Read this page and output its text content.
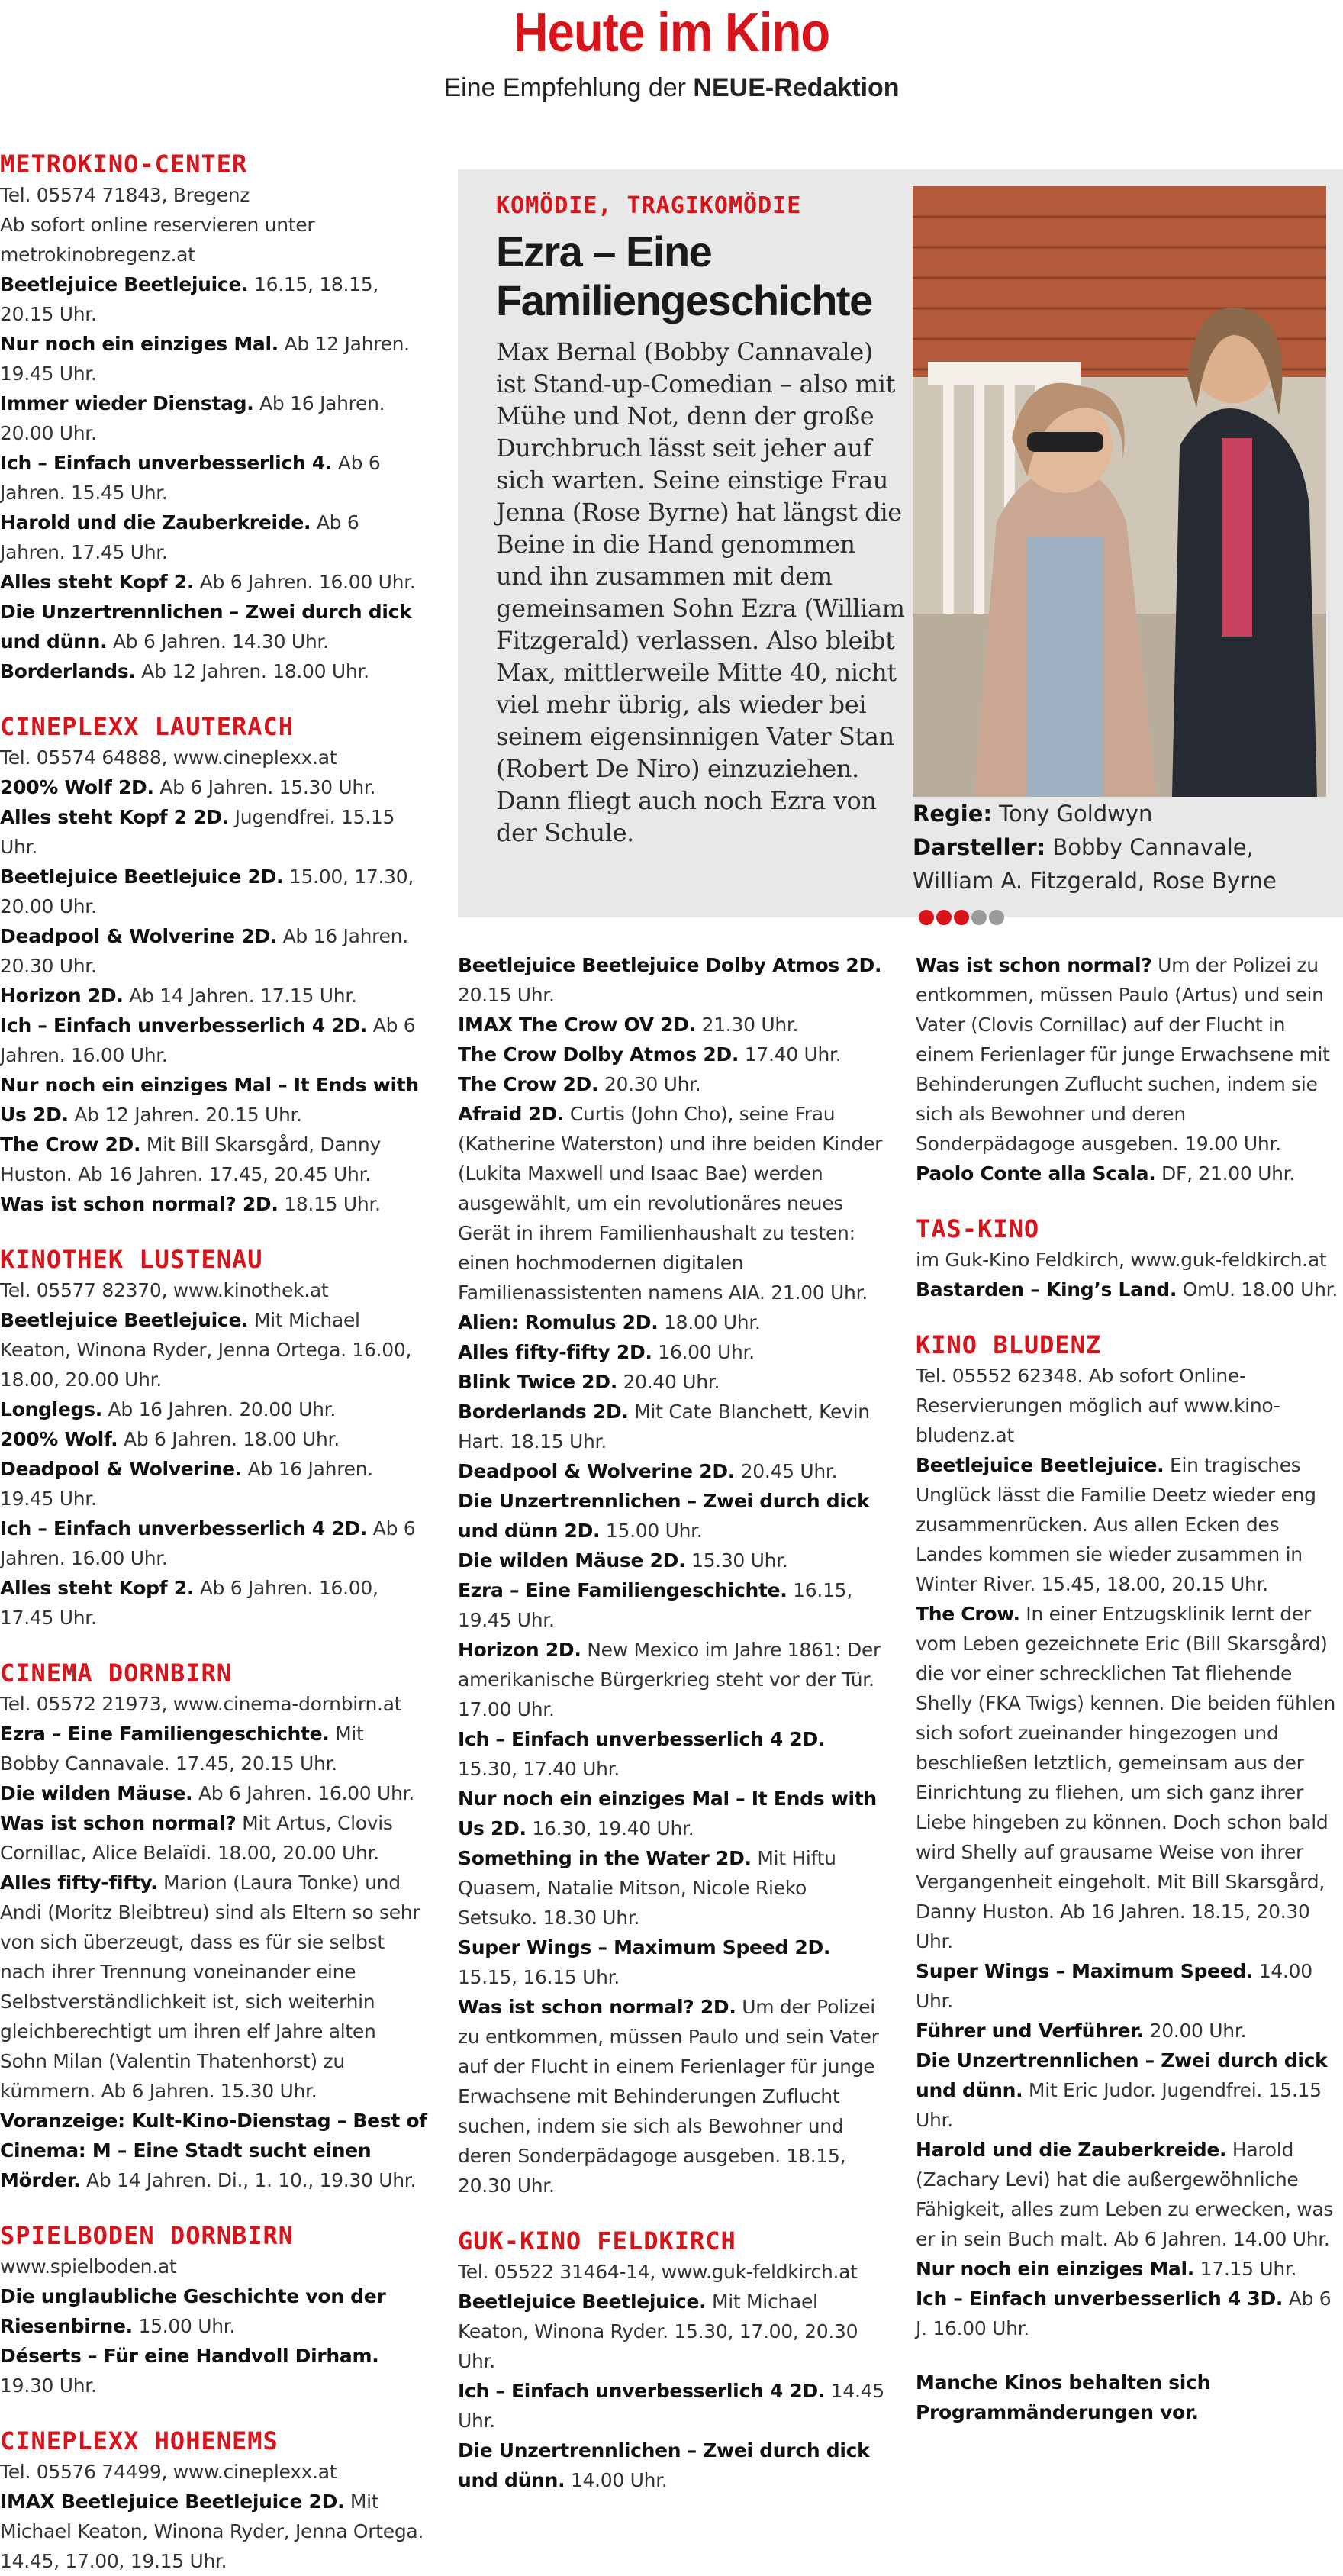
Heute im Kino
Eine Empfehlung der NEUE-Redaktion
METROKINO-CENTER

Tel. 05574 71843, Bregenz

Ab sofort online reservieren unter metrokinobregenz.at

Beetlejuice Beetlejuice. 16.15, 18.15, 20.15 Uhr.

Nur noch ein einziges Mal. Ab 12 Jahren. 19.45 Uhr.

Immer wieder Dienstag. Ab 16 Jahren. 20.00 Uhr.

Ich – Einfach unverbesserlich 4. Ab 6 Jahren. 15.45 Uhr.

Harold und die Zauberkreide. Ab 6 Jahren. 17.45 Uhr.

Alles steht Kopf 2. Ab 6 Jahren. 16.00 Uhr.

Die Unzertrennlichen – Zwei durch dick und dünn. Ab 6 Jahren. 14.30 Uhr.

Borderlands. Ab 12 Jahren. 18.00 Uhr.

CINEPLEXX LAUTERACH

Tel. 05574 64888, www.cineplexx.at

200% Wolf 2D. Ab 6 Jahren. 15.30 Uhr.

Alles steht Kopf 2 2D. Jugendfrei. 15.15 Uhr.

Beetlejuice Beetlejuice 2D. 15.00, 17.30, 20.00 Uhr.

Deadpool & Wolverine 2D. Ab 16 Jahren. 20.30 Uhr.

Horizon 2D. Ab 14 Jahren. 17.15 Uhr.

Ich – Einfach unverbesserlich 4 2D. Ab 6 Jahren. 16.00 Uhr.

Nur noch ein einziges Mal – It Ends with Us 2D. Ab 12 Jahren. 20.15 Uhr.

The Crow 2D. Mit Bill Skarsgård, Danny Huston. Ab 16 Jahren. 17.45, 20.45 Uhr.

Was ist schon normal? 2D. 18.15 Uhr.

KINOTHEK LUSTENAU

Tel. 05577 82370, www.kinothek.at

Beetlejuice Beetlejuice. Mit Michael Keaton, Winona Ryder, Jenna Ortega. 16.00, 18.00, 20.00 Uhr.

Longlegs. Ab 16 Jahren. 20.00 Uhr.

200% Wolf. Ab 6 Jahren. 18.00 Uhr.

Deadpool & Wolverine. Ab 16 Jahren. 19.45 Uhr.

Ich – Einfach unverbesserlich 4 2D. Ab 6 Jahren. 16.00 Uhr.

Alles steht Kopf 2. Ab 6 Jahren. 16.00, 17.45 Uhr.

CINEMA DORNBIRN

Tel. 05572 21973, www.cinema-dornbirn.at

Ezra – Eine Familiengeschichte. Mit Bobby Cannavale. 17.45, 20.15 Uhr.

Die wilden Mäuse. Ab 6 Jahren. 16.00 Uhr.

Was ist schon normal? Mit Artus, Clovis Cornillac, Alice Belaïdi. 18.00, 20.00 Uhr.

Alles fifty-fifty. Marion (Laura Tonke) und Andi (Moritz Bleibtreu) sind als Eltern so sehr von sich überzeugt, dass es für sie selbst nach ihrer Trennung voneinander eine Selbstverständlichkeit ist, sich weiterhin gleichberechtigt um ihren elf Jahre alten Sohn Milan (Valentin Thatenhorst) zu kümmern. Ab 6 Jahren. 15.30 Uhr.

Voranzeige: Kult-Kino-Dienstag – Best of Cinema: M – Eine Stadt sucht einen Mörder. Ab 14 Jahren. Di., 1. 10., 19.30 Uhr.

SPIELBODEN DORNBIRN

www.spielboden.at

Die unglaubliche Geschichte von der Riesenbirne. 15.00 Uhr.

Déserts – Für eine Handvoll Dirham. 19.30 Uhr.

CINEPLEXX HOHENEMS

Tel. 05576 74499, www.cineplexx.at

IMAX Beetlejuice Beetlejuice 2D. Mit Michael Keaton, Winona Ryder, Jenna Ortega. 14.45, 17.00, 19.15 Uhr.

KOMÖDIE, TRAGIKOMÖDIE
Ezra – Eine Familiengeschichte
Max Bernal (Bobby Cannavale) ist Stand-up-Comedian – also mit Mühe und Not, denn der große Durchbruch lässt seit jeher auf sich warten. Seine einstige Frau Jenna (Rose Byrne) hat längst die Beine in die Hand genommen und ihn zusammen mit dem gemeinsamen Sohn Ezra (William Fitzgerald) verlassen. Also bleibt Max, mittlerweile Mitte 40, nicht viel mehr übrig, als wieder bei seinem eigensinnigen Vater Stan (Robert De Niro) einzuziehen. Dann fliegt auch noch Ezra von der Schule.
Regie: Tony Goldwyn
Darsteller: Bobby Cannavale, William A. Fitzgerald, Rose Byrne

Beetlejuice Beetlejuice Dolby Atmos 2D. 20.15 Uhr.

IMAX The Crow OV 2D. 21.30 Uhr.

The Crow Dolby Atmos 2D. 17.40 Uhr.

The Crow 2D. 20.30 Uhr.

Afraid 2D. Curtis (John Cho), seine Frau (Katherine Waterston) und ihre beiden Kinder (Lukita Maxwell und Isaac Bae) werden ausgewählt, um ein revolutionäres neues Gerät in ihrem Familienhaushalt zu testen: einen hochmodernen digitalen Familienassistenten namens AIA. 21.00 Uhr.

Alien: Romulus 2D. 18.00 Uhr.

Alles fifty-fifty 2D. 16.00 Uhr.

Blink Twice 2D. 20.40 Uhr.

Borderlands 2D. Mit Cate Blanchett, Kevin Hart. 18.15 Uhr.

Deadpool & Wolverine 2D. 20.45 Uhr.

Die Unzertrennlichen – Zwei durch dick und dünn 2D. 15.00 Uhr.

Die wilden Mäuse 2D. 15.30 Uhr.

Ezra – Eine Familiengeschichte. 16.15, 19.45 Uhr.

Horizon 2D. New Mexico im Jahre 1861: Der amerikanische Bürgerkrieg steht vor der Tür. 17.00 Uhr.

Ich – Einfach unverbesserlich 4 2D. 15.30, 17.40 Uhr.

Nur noch ein einziges Mal – It Ends with Us 2D. 16.30, 19.40 Uhr.

Something in the Water 2D. Mit Hiftu Quasem, Natalie Mitson, Nicole Rieko Setsuko. 18.30 Uhr.

Super Wings – Maximum Speed 2D. 15.15, 16.15 Uhr.

Was ist schon normal? 2D. Um der Polizei zu entkommen, müssen Paulo und sein Vater auf der Flucht in einem Ferienlager für junge Erwachsene mit Behinderungen Zuflucht suchen, indem sie sich als Bewohner und deren Sonderpädagoge ausgeben. 18.15, 20.30 Uhr.

GUK-KINO FELDKIRCH

Tel. 05522 31464-14, www.guk-feldkirch.at

Beetlejuice Beetlejuice. Mit Michael Keaton, Winona Ryder. 15.30, 17.00, 20.30 Uhr.

Ich – Einfach unverbesserlich 4 2D. 14.45 Uhr.

Die Unzertrennlichen – Zwei durch dick und dünn. 14.00 Uhr.

Was ist schon normal? Um der Polizei zu entkommen, müssen Paulo (Artus) und sein Vater (Clovis Cornillac) auf der Flucht in einem Ferienlager für junge Erwachsene mit Behinderungen Zuflucht suchen, indem sie sich als Bewohner und deren Sonderpädagoge ausgeben. 19.00 Uhr.

Paolo Conte alla Scala. DF, 21.00 Uhr.

TAS-KINO

im Guk-Kino Feldkirch, www.guk-feldkirch.at

Bastarden – King’s Land. OmU. 18.00 Uhr.

KINO BLUDENZ

Tel. 05552 62348. Ab sofort Online-Reservierungen möglich auf www.kino-bludenz.at

Beetlejuice Beetlejuice. Ein tragisches Unglück lässt die Familie Deetz wieder eng zusammenrücken. Aus allen Ecken des Landes kommen sie wieder zusammen in Winter River. 15.45, 18.00, 20.15 Uhr.

The Crow. In einer Entzugsklinik lernt der vom Leben gezeichnete Eric (Bill Skarsgård) die vor einer schrecklichen Tat fliehende Shelly (FKA Twigs) kennen. Die beiden fühlen sich sofort zueinander hingezogen und beschließen letztlich, gemeinsam aus der Einrichtung zu fliehen, um sich ganz ihrer Liebe hingeben zu können. Doch schon bald wird Shelly auf grausame Weise von ihrer Vergangenheit eingeholt. Mit Bill Skarsgård, Danny Huston. Ab 16 Jahren. 18.15, 20.30 Uhr.

Super Wings – Maximum Speed. 14.00 Uhr.

Führer und Verführer. 20.00 Uhr.

Die Unzertrennlichen – Zwei durch dick und dünn. Mit Eric Judor. Jugendfrei. 15.15 Uhr.

Harold und die Zauberkreide. Harold (Zachary Levi) hat die außergewöhnliche Fähigkeit, alles zum Leben zu erwecken, was er in sein Buch malt. Ab 6 Jahren. 14.00 Uhr.

Nur noch ein einziges Mal. 17.15 Uhr.

Ich – Einfach unverbesserlich 4 3D. Ab 6 J. 16.00 Uhr.

Manche Kinos behalten sich Programmänderungen vor.
